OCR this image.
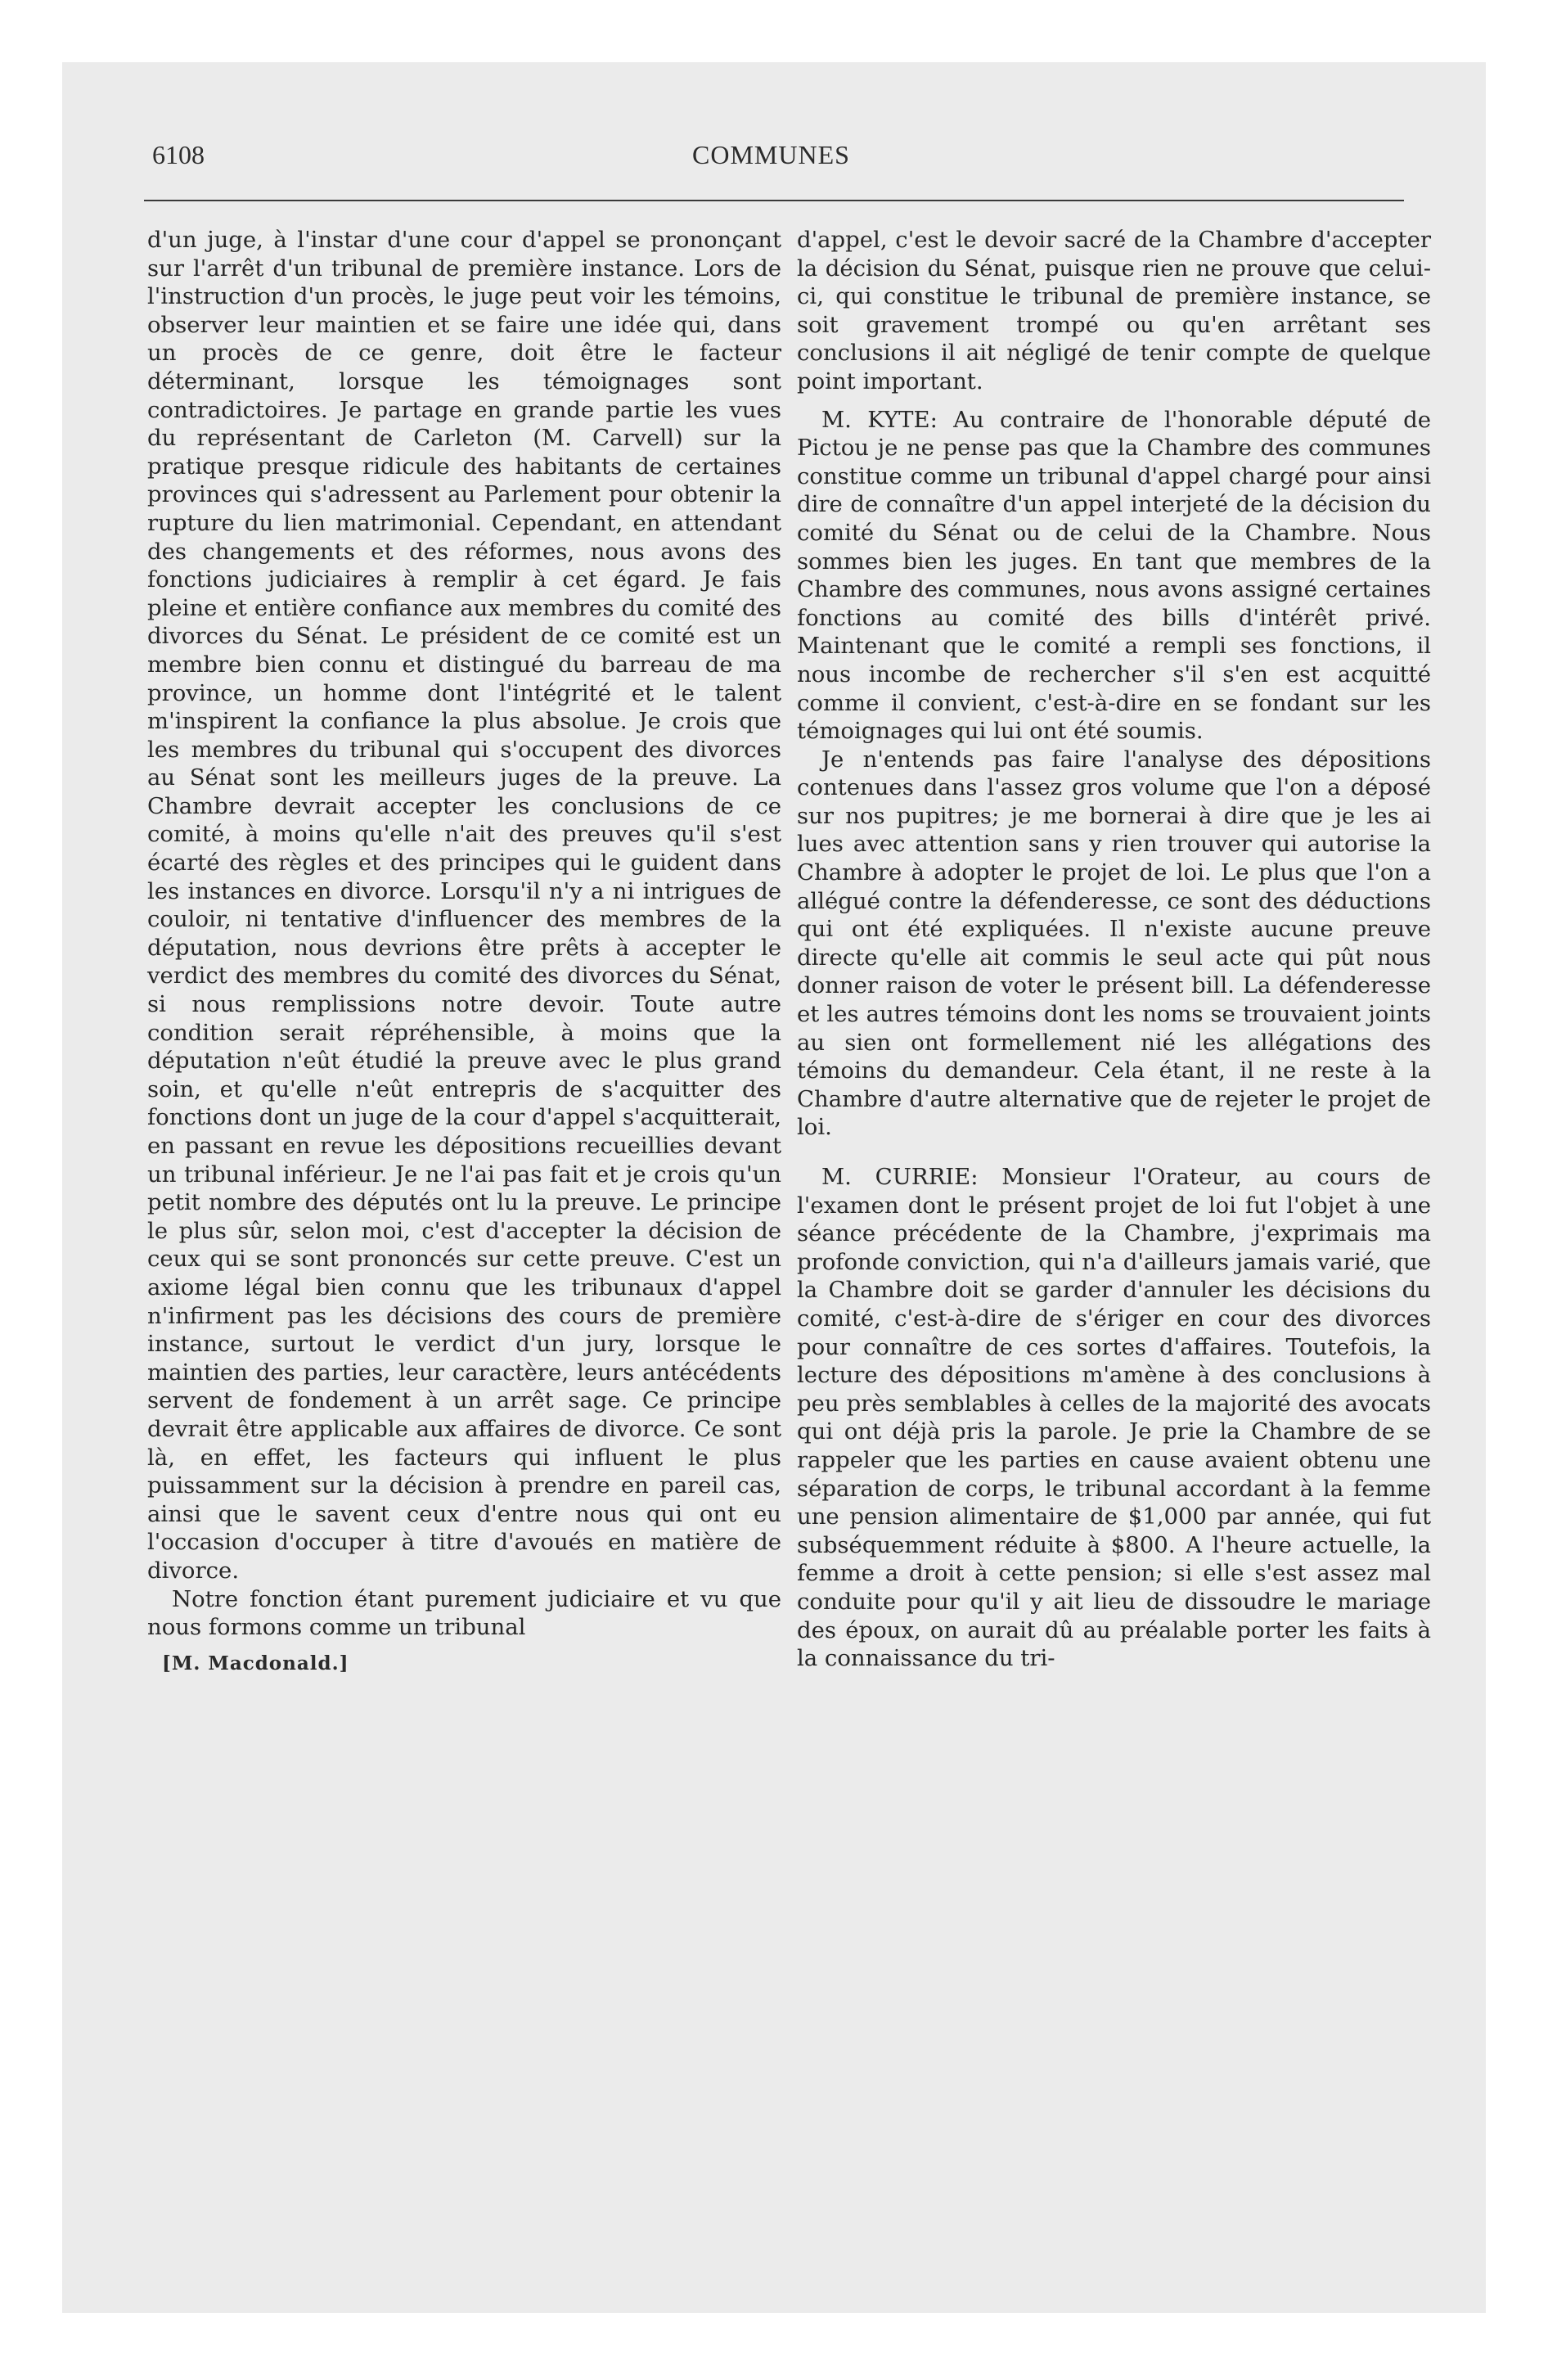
6108	COMMUNES

d'un juge, à l'instar d'une cour d'appel se prononçant sur l'arrêt d'un tribunal de première instance. Lors de l'instruction d'un procès, le juge peut voir les témoins, observer leur maintien et se faire une idée qui, dans un procès de ce genre, doit être le facteur déterminant, lorsque les témoignages sont contradictoires. Je partage en grande partie les vues du représentant de Carleton (M. Carvell) sur la pratique presque ridicule des habitants de certaines provinces qui s'adressent au Parlement pour obtenir la rupture du lien matrimonial. Cependant, en attendant des changements et des réformes, nous avons des fonctions judiciaires à remplir à cet égard. Je fais pleine et entière confiance aux membres du comité des divorces du Sénat. Le président de ce comité est un membre bien connu et distingué du barreau de ma province, un homme dont l'intégrité et le talent m'inspirent la confiance la plus absolue. Je crois que les membres du tribunal qui s'occupent des divorces au Sénat sont les meilleurs juges de la preuve. La Chambre devrait accepter les conclusions de ce comité, à moins qu'elle n'ait des preuves qu'il s'est écarté des règles et des principes qui le guident dans les instances en divorce. Lorsqu'il n'y a ni intrigues de couloir, ni tentative d'influencer des membres de la députation, nous devrions être prêts à accepter le verdict des membres du comité des divorces du Sénat, si nous remplissions notre devoir. Toute autre condition serait répréhensible, à moins que la députation n'eût étudié la preuve avec le plus grand soin, et qu'elle n'eût entrepris de s'acquitter des fonctions dont un juge de la cour d'appel s'acquitterait, en passant en revue les dépositions recueillies devant un tribunal inférieur. Je ne l'ai pas fait et je crois qu'un petit nombre des députés ont lu la preuve. Le principe le plus sûr, selon moi, c'est d'accepter la décision de ceux qui se sont prononcés sur cette preuve. C'est un axiome légal bien connu que les tribunaux d'appel n'infirment pas les décisions des cours de première instance, surtout le verdict d'un jury, lorsque le maintien des parties, leur caractère, leurs antécédents servent de fondement à un arrêt sage. Ce principe devrait être applicable aux affaires de divorce. Ce sont là, en effet, les facteurs qui influent le plus puissamment sur la décision à prendre en pareil cas, ainsi que le savent ceux d'entre nous qui ont eu l'occasion d'occuper à titre d'avoués en matière de divorce.

Notre fonction étant purement judiciaire et vu que nous formons comme un tribunal

[M. Macdonald.]

d'appel, c'est le devoir sacré de la Chambre d'accepter la décision du Sénat, puisque rien ne prouve que celui-ci, qui constitue le tribunal de première instance, se soit gravement trompé ou qu'en arrêtant ses conclusions il ait négligé de tenir compte de quelque point important.

M. KYTE: Au contraire de l'honorable député de Pictou je ne pense pas que la Chambre des communes constitue comme un tribunal d'appel chargé pour ainsi dire de connaître d'un appel interjeté de la décision du comité du Sénat ou de celui de la Chambre. Nous sommes bien les juges. En tant que membres de la Chambre des communes, nous avons assigné certaines fonctions au comité des bills d'intérêt privé. Maintenant que le comité a rempli ses fonctions, il nous incombe de rechercher s'il s'en est acquitté comme il convient, c'est-à-dire en se fondant sur les témoignages qui lui ont été soumis.

Je n'entends pas faire l'analyse des dépositions contenues dans l'assez gros volume que l'on a déposé sur nos pupitres; je me bornerai à dire que je les ai lues avec attention sans y rien trouver qui autorise la Chambre à adopter le projet de loi. Le plus que l'on a allégué contre la défenderesse, ce sont des déductions qui ont été expliquées. Il n'existe aucune preuve directe qu'elle ait commis le seul acte qui pût nous donner raison de voter le présent bill. La défenderesse et les autres témoins dont les noms se trouvaient joints au sien ont formellement nié les allégations des témoins du demandeur. Cela étant, il ne reste à la Chambre d'autre alternative que de rejeter le projet de loi.

M. CURRIE: Monsieur l'Orateur, au cours de l'examen dont le présent projet de loi fut l'objet à une séance précédente de la Chambre, j'exprimais ma profonde conviction, qui n'a d'ailleurs jamais varié, que la Chambre doit se garder d'annuler les décisions du comité, c'est-à-dire de s'ériger en cour des divorces pour connaître de ces sortes d'affaires. Toutefois, la lecture des dépositions m'amène à des conclusions à peu près semblables à celles de la majorité des avocats qui ont déjà pris la parole. Je prie la Chambre de se rappeler que les parties en cause avaient obtenu une séparation de corps, le tribunal accordant à la femme une pension alimentaire de $1,000 par année, qui fut subséquemment réduite à $800. A l'heure actuelle, la femme a droit à cette pension; si elle s'est assez mal conduite pour qu'il y ait lieu de dissoudre le mariage des époux, on aurait dû au préalable porter les faits à la connaissance du tri-
